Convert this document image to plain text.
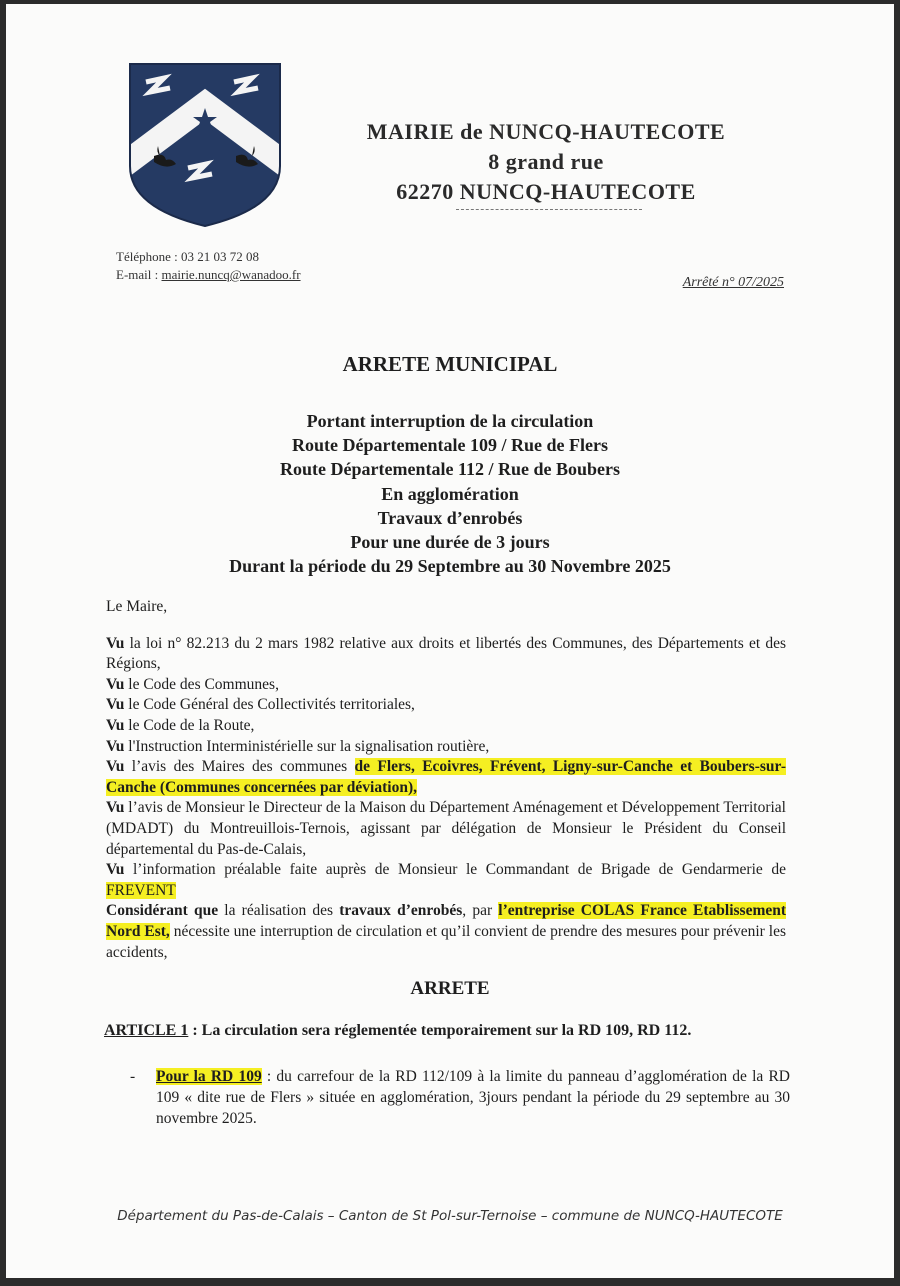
MAIRIE de NUNCQ-HAUTECOTE
8 grand rue
62270 NUNCQ-HAUTECOTE
Téléphone : 03 21 03 72 08
E-mail : mairie.nuncq@wanadoo.fr
Arrêté n° 07/2025
ARRETE MUNICIPAL
Portant interruption de la circulation
Route Départementale 109 / Rue de Flers
Route Départementale 112 / Rue de Boubers
En agglomération
Travaux d’enrobés
Pour une durée de 3 jours
Durant la période du 29 Septembre au 30 Novembre 2025

Le Maire,

Vu la loi n° 82.213 du 2 mars 1982 relative aux droits et libertés des Communes, des Départements et des Régions,

Vu le Code des Communes,

Vu le Code Général des Collectivités territoriales,

Vu le Code de la Route,

Vu l'Instruction Interministérielle sur la signalisation routière,

Vu l’avis des Maires des communes de Flers, Ecoivres, Frévent, Ligny-sur-Canche et Boubers-sur-Canche (Communes concernées par déviation),

Vu l’avis de Monsieur le Directeur de la Maison du Département Aménagement et Développement Territorial (MDADT) du Montreuillois-Ternois, agissant par délégation de Monsieur le Président du Conseil départemental du Pas-de-Calais,

Vu l’information préalable faite auprès de Monsieur le Commandant de Brigade de Gendarmerie de FREVENT

Considérant que la réalisation des travaux d’enrobés, par l’entreprise COLAS France Etablissement Nord Est, nécessite une interruption de circulation et qu’il convient de prendre des mesures pour prévenir les accidents,

ARRETE
ARTICLE 1 : La circulation sera réglementée temporairement sur la RD 109, RD 112.
- Pour la RD 109 : du carrefour de la RD 112/109 à la limite du panneau d’agglomération de la RD 109 « dite rue de Flers » située en agglomération, 3jours pendant la période du 29 septembre au 30 novembre 2025.
Département du Pas-de-Calais – Canton de St Pol-sur-Ternoise – commune de NUNCQ-HAUTECOTE
